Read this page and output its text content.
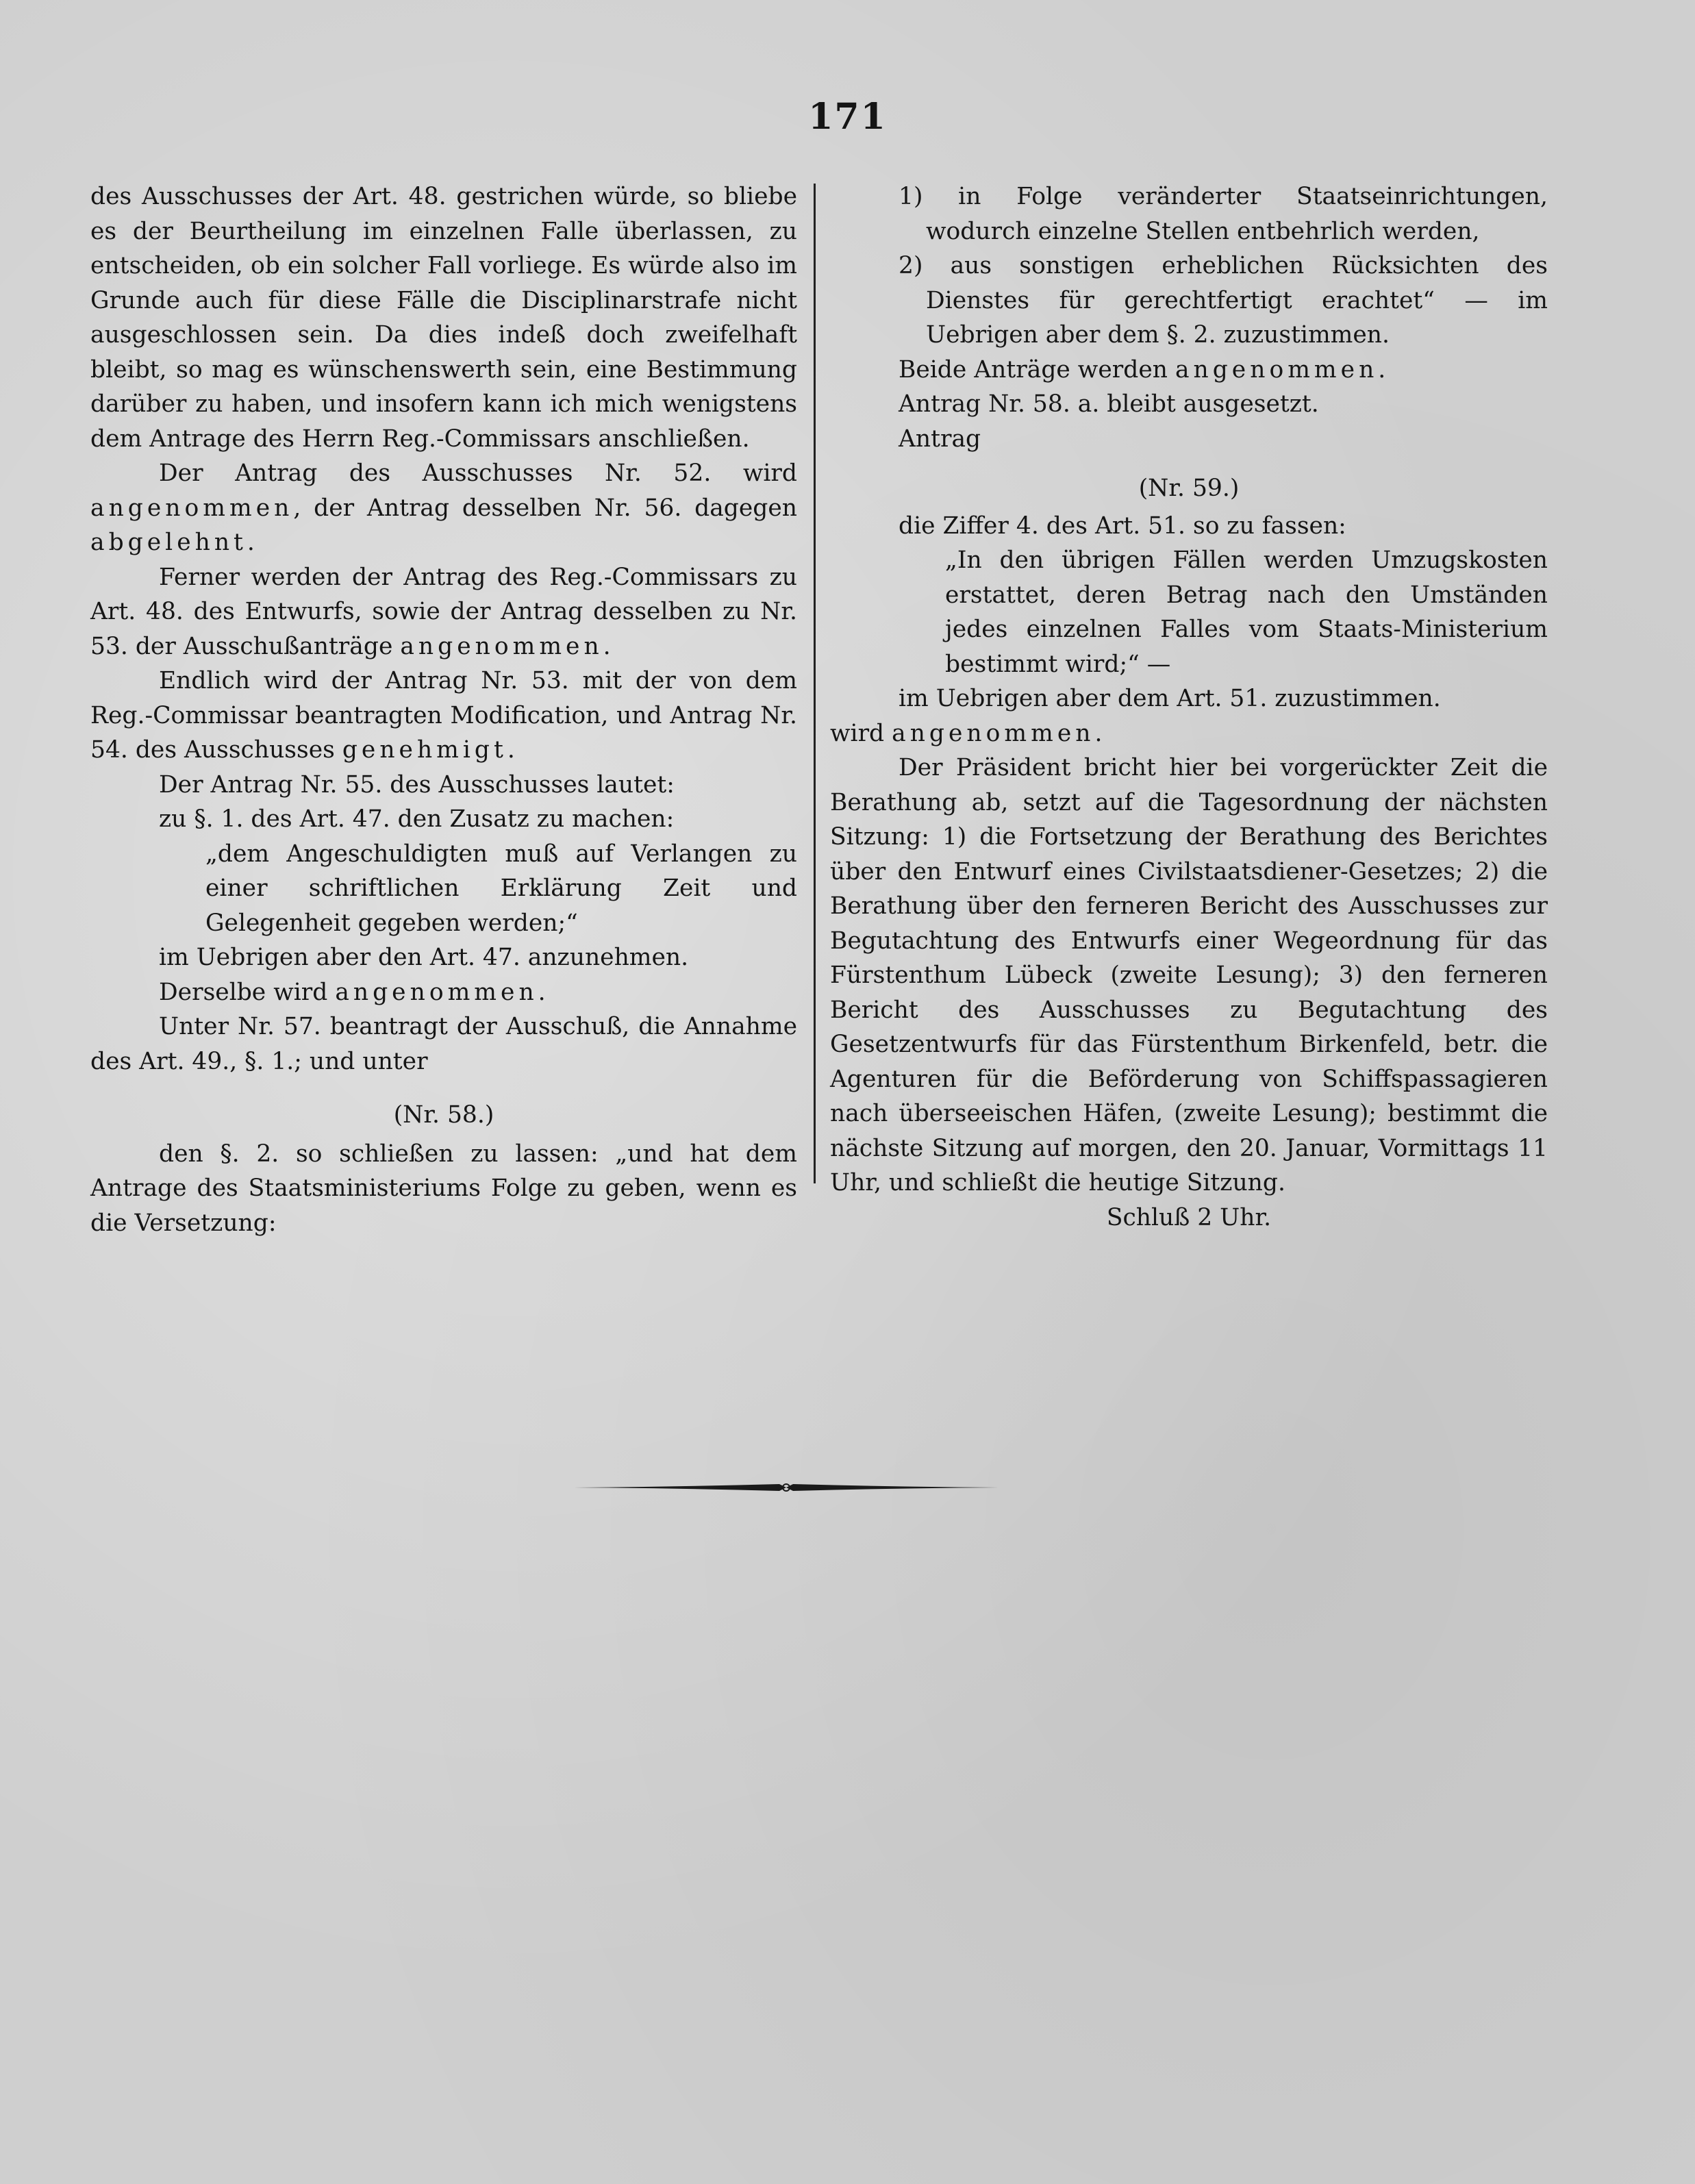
171

des Ausschusses der Art. 48. gestrichen würde, so bliebe es der Beurtheilung im einzelnen Falle überlassen, zu entscheiden, ob ein solcher Fall vorliege. Es würde also im Grunde auch für diese Fälle die Disciplinarstrafe nicht ausgeschlossen sein. Da dies indeß doch zweifelhaft bleibt, so mag es wünschenswerth sein, eine Bestimmung darüber zu haben, und insofern kann ich mich wenigstens dem Antrage des Herrn Reg.-Commissars anschließen.

Der Antrag des Ausschusses Nr. 52. wird angenommen, der Antrag desselben Nr. 56. dagegen abgelehnt.

Ferner werden der Antrag des Reg.-Commissars zu Art. 48. des Entwurfs, sowie der Antrag desselben zu Nr. 53. der Ausschußanträge angenommen.

Endlich wird der Antrag Nr. 53. mit der von dem Reg.-Commissar beantragten Modification, und Antrag Nr. 54. des Ausschusses genehmigt.

Der Antrag Nr. 55. des Ausschusses lautet:

zu §. 1. des Art. 47. den Zusatz zu machen:

„dem Angeschuldigten muß auf Verlangen zu einer schriftlichen Erklärung Zeit und Gelegenheit gegeben werden;“

im Uebrigen aber den Art. 47. anzunehmen.

Derselbe wird angenommen.

Unter Nr. 57. beantragt der Ausschuß, die Annahme des Art. 49., §. 1.; und unter

(Nr. 58.)

den §. 2. so schließen zu lassen: „und hat dem Antrage des Staatsministeriums Folge zu geben, wenn es die Versetzung:

1) in Folge veränderter Staatseinrichtungen, wodurch einzelne Stellen entbehrlich werden,

2) aus sonstigen erheblichen Rücksichten des Dienstes für gerechtfertigt erachtet“ — im Uebrigen aber dem §. 2. zuzustimmen.

Beide Anträge werden angenommen.

Antrag Nr. 58. a. bleibt ausgesetzt.

Antrag

(Nr. 59.)

die Ziffer 4. des Art. 51. so zu fassen:

„In den übrigen Fällen werden Umzugskosten erstattet, deren Betrag nach den Umständen jedes einzelnen Falles vom Staats-Ministerium bestimmt wird;“ —

im Uebrigen aber dem Art. 51. zuzustimmen.

wird angenommen.

Der Präsident bricht hier bei vorgerückter Zeit die Berathung ab, setzt auf die Tagesordnung der nächsten Sitzung: 1) die Fortsetzung der Berathung des Berichtes über den Entwurf eines Civilstaatsdiener-Gesetzes; 2) die Berathung über den ferneren Bericht des Ausschusses zur Begutachtung des Entwurfs einer Wegeordnung für das Fürstenthum Lübeck (zweite Lesung); 3) den ferneren Bericht des Ausschusses zu Begutachtung des Gesetzentwurfs für das Fürstenthum Birkenfeld, betr. die Agenturen für die Beförderung von Schiffspassagieren nach überseeischen Häfen, (zweite Lesung); bestimmt die nächste Sitzung auf morgen, den 20. Januar, Vormittags 11 Uhr, und schließt die heutige Sitzung.

Schluß 2 Uhr.
